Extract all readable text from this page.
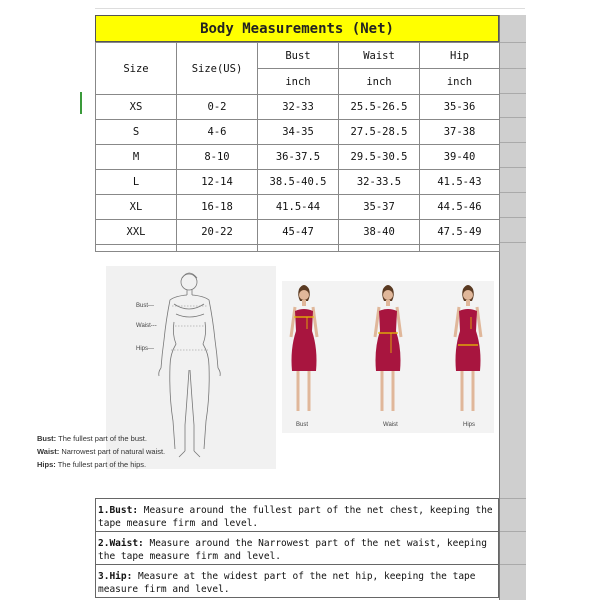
Body Measurements (Net)
Size	Size(US)	Bust	Waist	Hip
		inch	inch	inch
XS	0-2	32-33	25.5-26.5	35-36
S	4-6	34-35	27.5-28.5	37-38
M	8-10	36-37.5	29.5-30.5	39-40
L	12-14	38.5-40.5	32-33.5	41.5-43
XL	16-18	41.5-44	35-37	44.5-46
XXL	20-22	45-47	38-40	47.5-49

Bust---
Waist---
Hips---
Bust	Waist	Hips
Bust: The fullest part of the bust.
Waist: Narrowest part of natural waist.
Hips: The fullest part of the hips.
1.Bust: Measure around the fullest part of the net chest, keeping the tape measure firm and level.
2.Waist: Measure around the Narrowest part of the net waist, keeping the tape measure firm and level.
3.Hip: Measure at the widest part of the net hip, keeping the tape measure firm and level.
